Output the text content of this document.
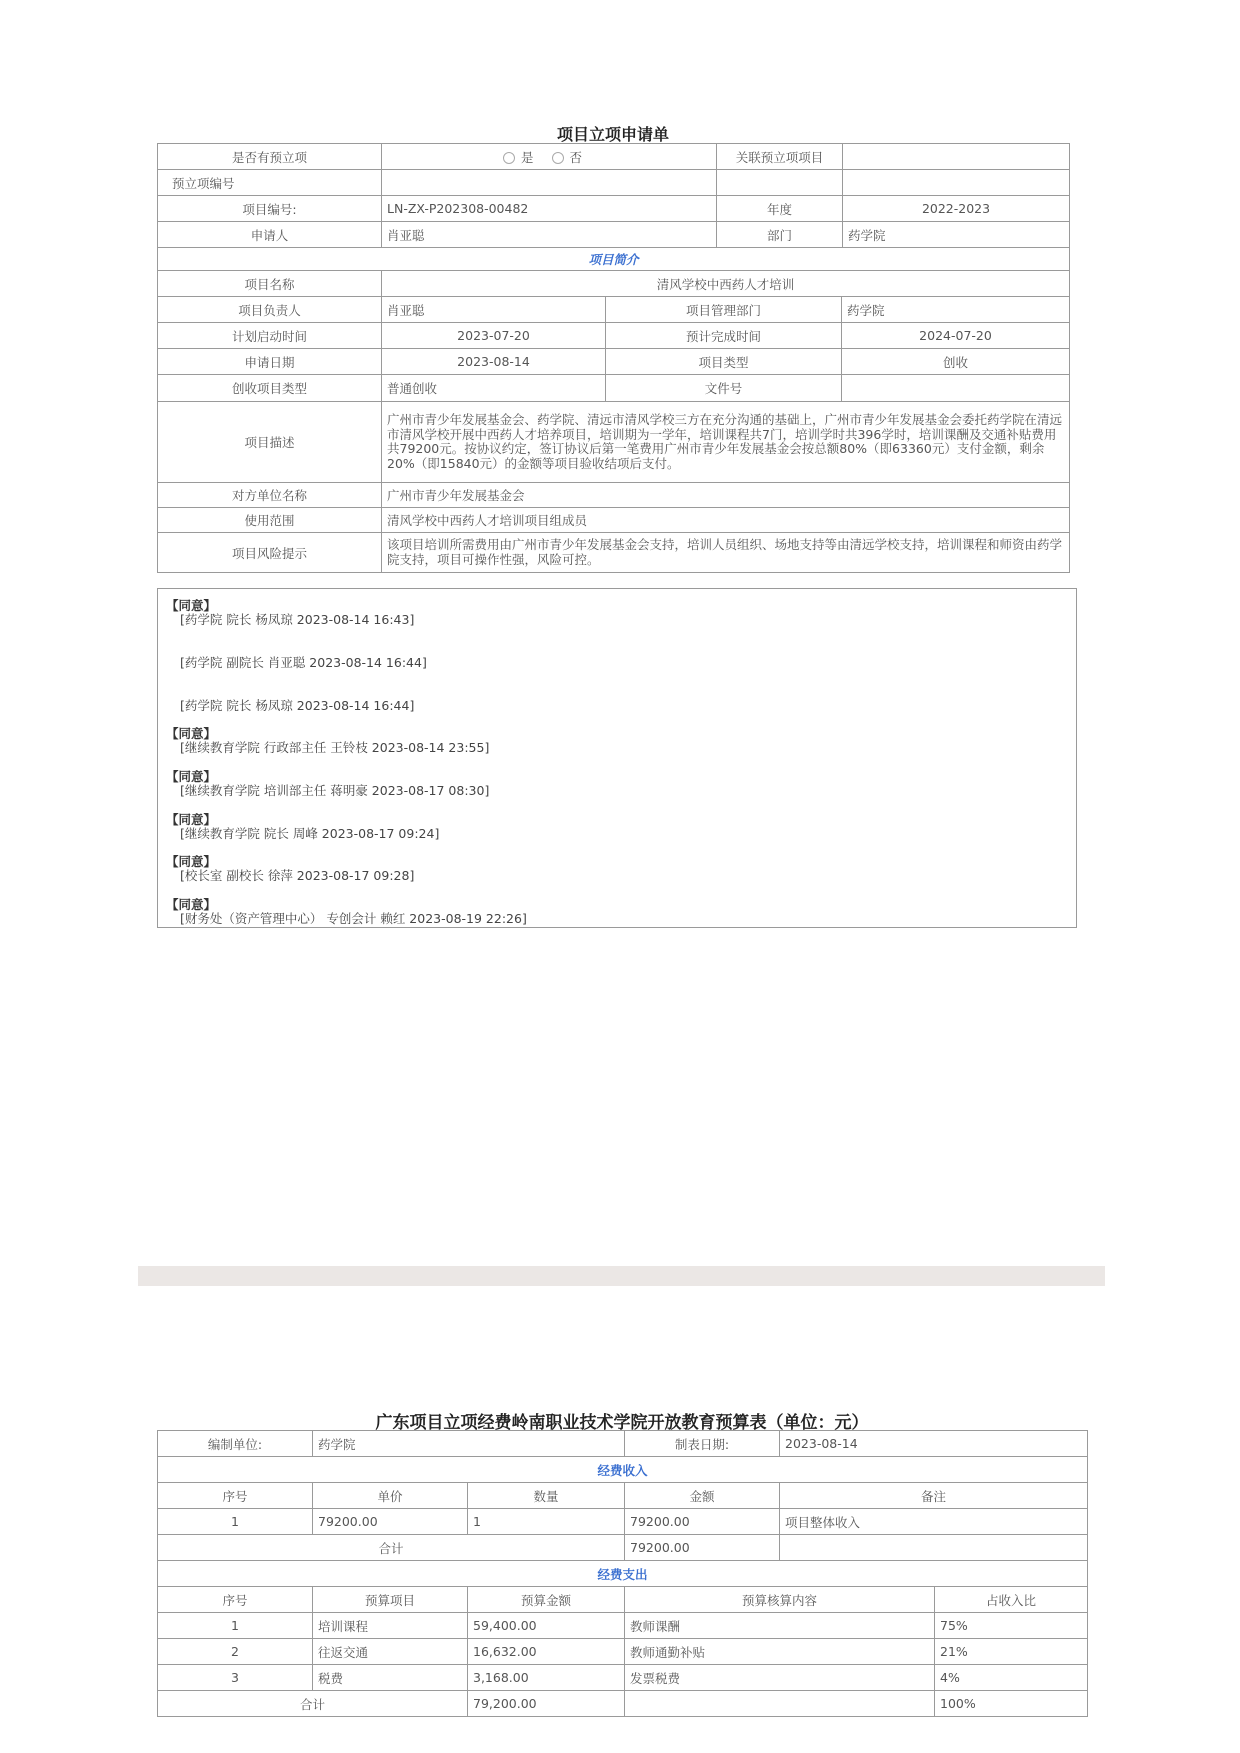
项目立项申请单
是否有预立项	是 否	关联预立项项目	
预立项编号			
项目编号:	LN-ZX-P202308-00482	年度	2022-2023
申请人	肖亚聪	部门	药学院
项目简介			
项目名称	清风学校中西药人才培训		
项目负责人	肖亚聪	项目管理部门	药学院
计划启动时间	2023-07-20	预计完成时间	2024-07-20
申请日期	2023-08-14	项目类型	创收
创收项目类型	普通创收	文件号	
项目描述	广州市青少年发展基金会、药学院、清远市清风学校三方在充分沟通的基础上，广州市青少年发展基金会委托药学院在清远市清风学校开展中西药人才培养项目，培训期为一学年，培训课程共7门，培训学时共396学时，培训课酬及交通补贴费用共79200元。按协议约定，签订协议后第一笔费用广州市青少年发展基金会按总额80%（即63360元）支付金额，剩余20%（即15840元）的金额等项目验收结项后支付。		
对方单位名称	广州市青少年发展基金会		
使用范围	清风学校中西药人才培训项目组成员		
项目风险提示	该项目培训所需费用由广州市青少年发展基金会支持，培训人员组织、场地支持等由清远学校支持，培训课程和师资由药学院支持，项目可操作性强，风险可控。		
【同意】
[药学院 院长 杨凤琼 2023-08-14 16:43]
[药学院 副院长 肖亚聪 2023-08-14 16:44]
[药学院 院长 杨凤琼 2023-08-14 16:44]
【同意】
[继续教育学院 行政部主任 王铃枝 2023-08-14 23:55]
【同意】
[继续教育学院 培训部主任 蒋明豪 2023-08-17 08:30]
【同意】
[继续教育学院 院长 周峰 2023-08-17 09:24]
【同意】
[校长室 副校长 徐萍 2023-08-17 09:28]
【同意】
[财务处（资产管理中心） 专创会计 赖红 2023-08-19 22:26]
广东项目立项经费岭南职业技术学院开放教育预算表（单位：元）
编制单位:	药学院		制表日期:	2023-08-14	
经费收入					
序号	单价	数量	金额	备注	
1	79200.00	1	79200.00	项目整体收入	
合计			79200.00		
经费支出					
序号	预算项目	预算金额	预算核算内容		占收入比
1	培训课程	59,400.00	教师课酬		75%
2	往返交通	16,632.00	教师通勤补贴		21%
3	税费	3,168.00	发票税费		4%
合计		79,200.00			100%
